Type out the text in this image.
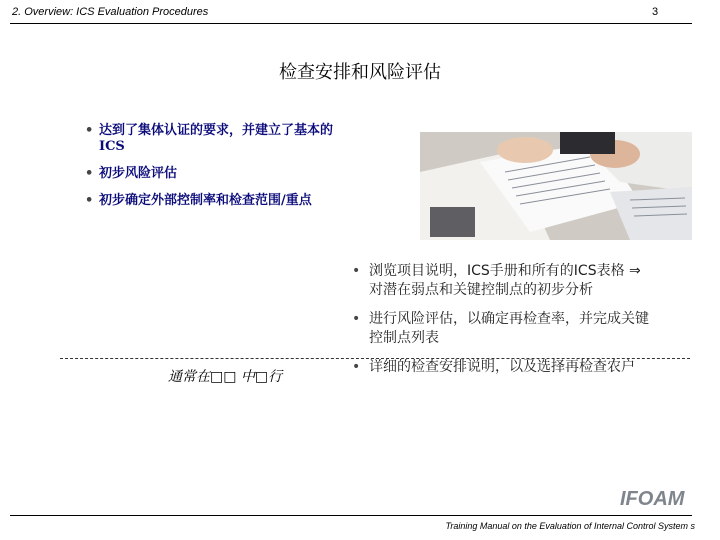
2. Overview: ICS Evaluation Procedures	3
检查安排和风险评估
• 达到了集体认证的要求，并建立了基本的ICS
• 初步风险评估
• 初步确定外部控制率和检查范围/重点
• 浏览项目说明，ICS手册和所有的ICS表格 ⇒对潜在弱点和关键控制点的初步分析
• 进行风险评估，以确定再检查率，并完成关键控制点列表
• 详细的检查安排说明，以及选择再检查农户
通常在□□ 中□行
IFOAM
Training Manual on the Evaluation of Internal Control System s
